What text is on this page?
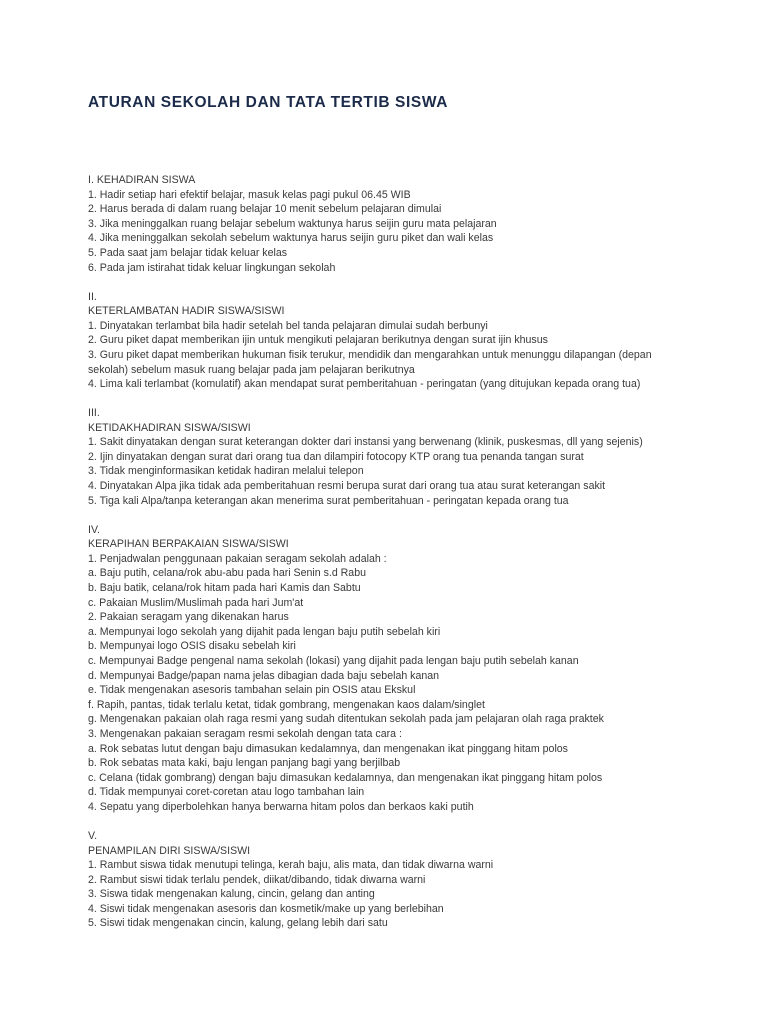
ATURAN SEKOLAH DAN TATA TERTIB SISWA
I. KEHADIRAN SISWA
1. Hadir setiap hari efektif belajar, masuk kelas pagi pukul 06.45 WIB
2. Harus berada di dalam ruang belajar 10 menit sebelum pelajaran dimulai
3. Jika meninggalkan ruang belajar sebelum waktunya harus seijin guru mata pelajaran
4. Jika meninggalkan sekolah sebelum waktunya harus seijin guru piket dan wali kelas
5. Pada saat jam belajar tidak keluar kelas
6. Pada jam istirahat tidak keluar lingkungan sekolah
II.
KETERLAMBATAN HADIR SISWA/SISWI
1. Dinyatakan terlambat bila hadir setelah bel tanda pelajaran dimulai sudah berbunyi
2. Guru piket dapat memberikan ijin untuk mengikuti pelajaran berikutnya dengan surat ijin khusus
3. Guru piket dapat memberikan hukuman fisik terukur, mendidik dan mengarahkan untuk menunggu dilapangan (depan
sekolah) sebelum masuk ruang belajar pada jam pelajaran berikutnya
4. Lima kali terlambat (komulatif) akan mendapat surat pemberitahuan - peringatan (yang ditujukan kepada orang tua)
III.
KETIDAKHADIRAN SISWA/SISWI
1. Sakit dinyatakan dengan surat keterangan dokter dari instansi yang berwenang (klinik, puskesmas, dll yang sejenis)
2. Ijin dinyatakan dengan surat dari orang tua dan dilampiri fotocopy KTP orang tua penanda tangan surat
3. Tidak menginformasikan ketidak hadiran melalui telepon
4. Dinyatakan Alpa jika tidak ada pemberitahuan resmi berupa surat dari orang tua atau surat keterangan sakit
5. Tiga kali Alpa/tanpa keterangan akan menerima surat pemberitahuan - peringatan kepada orang tua
IV.
KERAPIHAN BERPAKAIAN SISWA/SISWI
1. Penjadwalan penggunaan pakaian seragam sekolah adalah :
a. Baju putih, celana/rok abu-abu pada hari Senin s.d Rabu
b. Baju batik, celana/rok hitam pada hari Kamis dan Sabtu
c. Pakaian Muslim/Muslimah pada hari Jum'at
2. Pakaian seragam yang dikenakan harus
a. Mempunyai logo sekolah yang dijahit pada lengan baju putih sebelah kiri
b. Mempunyai logo OSIS disaku sebelah kiri
c. Mempunyai Badge pengenal nama sekolah (lokasi) yang dijahit pada lengan baju putih sebelah kanan
d. Mempunyai Badge/papan nama jelas dibagian dada baju sebelah kanan
e. Tidak mengenakan asesoris tambahan selain pin OSIS atau Ekskul
f. Rapih, pantas, tidak terlalu ketat, tidak gombrang, mengenakan kaos dalam/singlet
g. Mengenakan pakaian olah raga resmi yang sudah ditentukan sekolah pada jam pelajaran olah raga praktek
3. Mengenakan pakaian seragam resmi sekolah dengan tata cara :
a. Rok sebatas lutut dengan baju dimasukan kedalamnya, dan mengenakan ikat pinggang hitam polos
b. Rok sebatas mata kaki, baju lengan panjang bagi yang berjilbab
c. Celana (tidak gombrang) dengan baju dimasukan kedalamnya, dan mengenakan ikat pinggang hitam polos
d. Tidak mempunyai coret-coretan atau logo tambahan lain
4. Sepatu yang diperbolehkan hanya berwarna hitam polos dan berkaos kaki putih
V.
PENAMPILAN DIRI SISWA/SISWI
1. Rambut siswa tidak menutupi telinga, kerah baju, alis mata, dan tidak diwarna warni
2. Rambut siswi tidak terlalu pendek, diikat/dibando, tidak diwarna warni
3. Siswa tidak mengenakan kalung, cincin, gelang dan anting
4. Siswi tidak mengenakan asesoris dan kosmetik/make up yang berlebihan
5. Siswi tidak mengenakan cincin, kalung, gelang lebih dari satu
